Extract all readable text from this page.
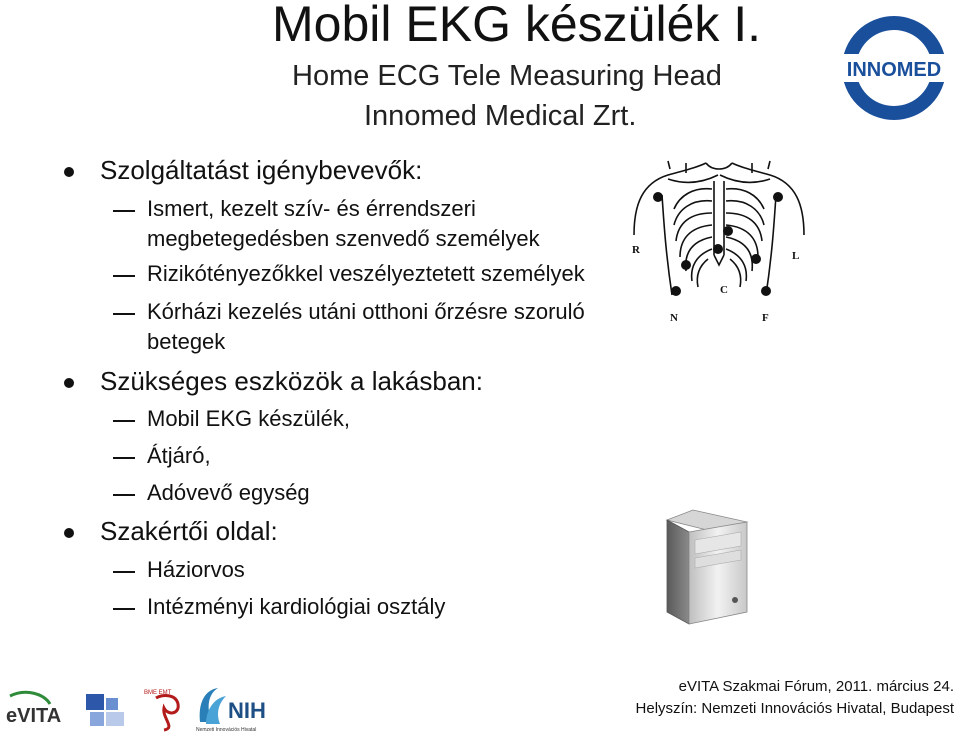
Mobil EKG készülék I.
Home ECG Tele Measuring Head
Innomed Medical Zrt.
INNOMED
Szolgáltatást igénybevevők:
Ismert, kezelt szív- és érrendszeri
megbetegedésben szenvedő személyek
Rizikótényezőkkel veszélyeztetett személyek
Kórházi kezelés utáni otthoni őrzésre szoruló
betegek
Szükséges eszközök a lakásban:
Mobil EKG készülék,
Átjáró,
Adóvevő egység
Szakértői oldal:
Háziorvos
Intézményi kardiológiai osztály
R	L
C
N	F
eVITA
BME EMT
NIH
Nemzeti Innovációs Hivatal
eVITA Szakmai Fórum, 2011. március 24.
Helyszín: Nemzeti Innovációs Hivatal, Budapest
